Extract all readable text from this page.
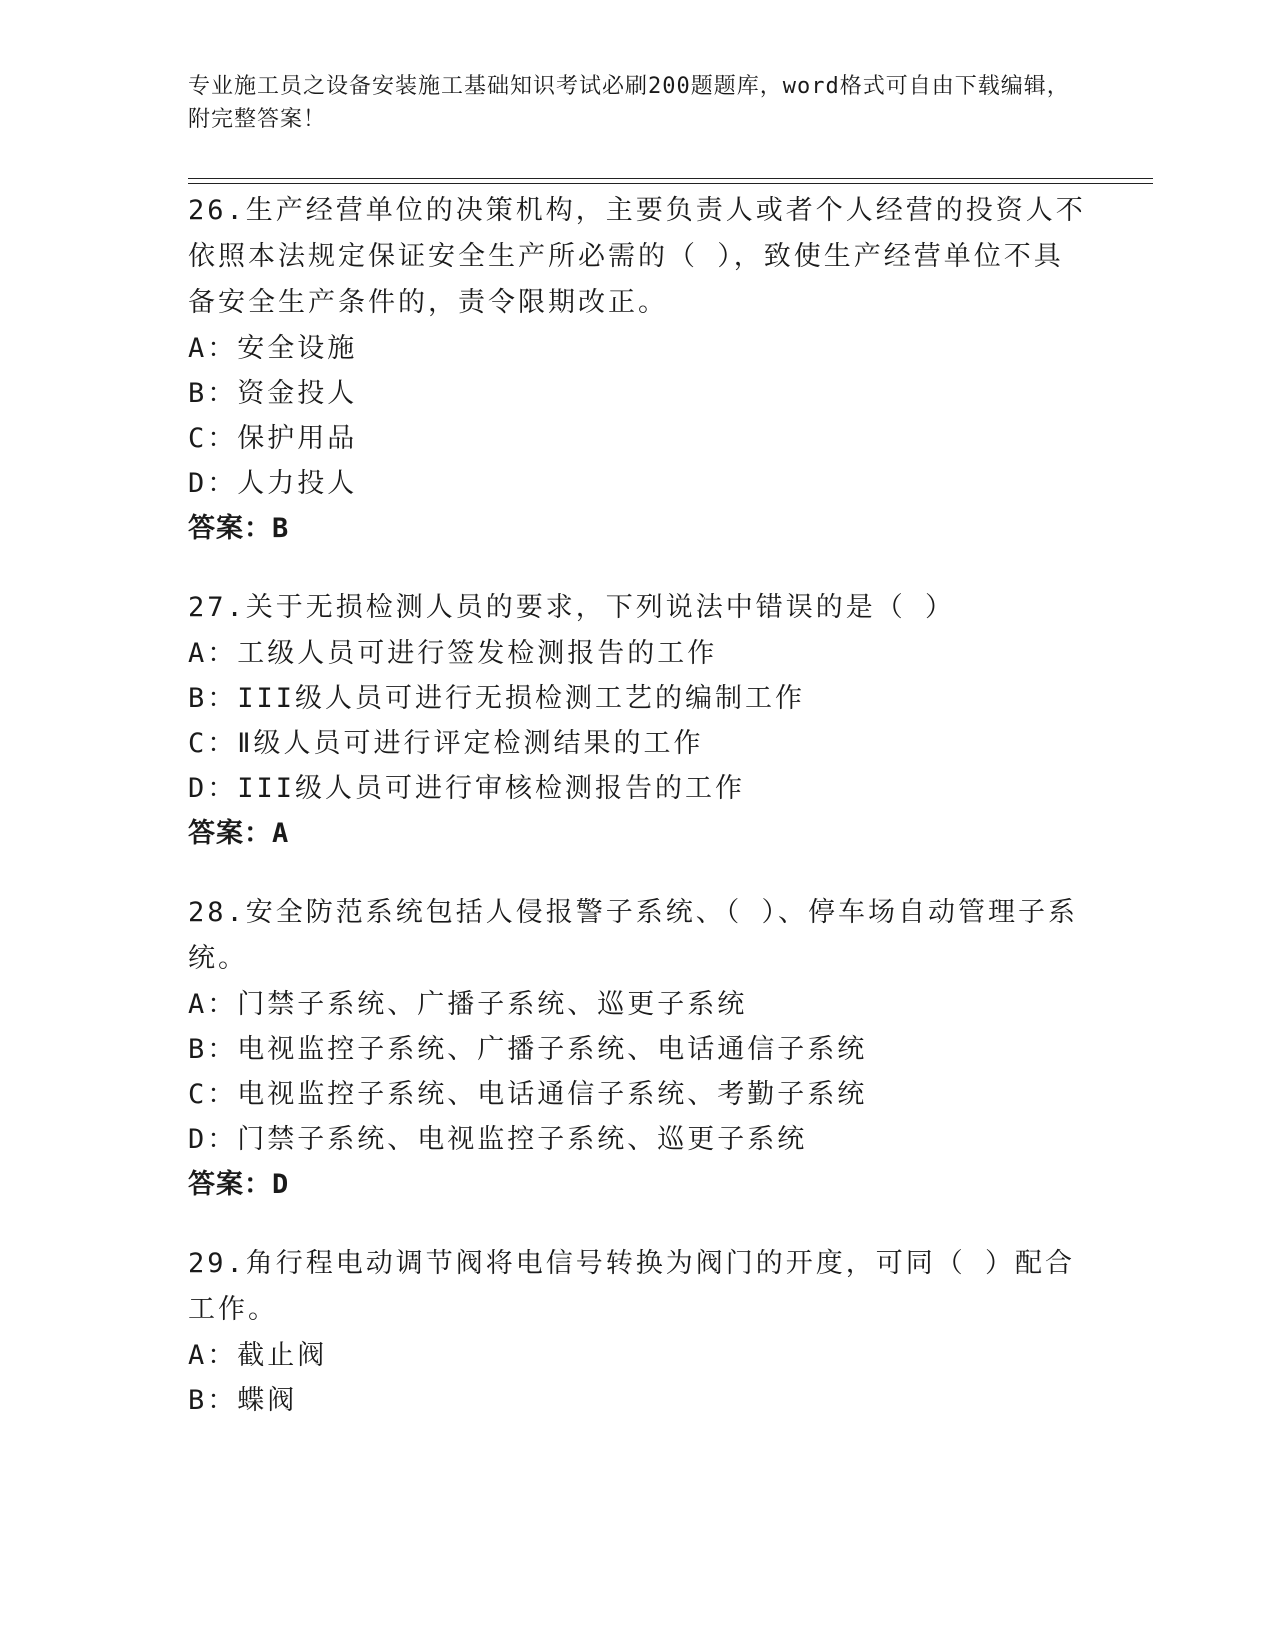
专业施工员之设备安装施工基础知识考试必刷200题题库，word格式可自由下载编辑，附完整答案！
26.生产经营单位的决策机构，主要负责人或者个人经营的投资人不依照本法规定保证安全生产所必需的（ ），致使生产经营单位不具备安全生产条件的，责令限期改正。
A：安全设施
B：资金投人
C：保护用品
D：人力投人
答案：B
27.关于无损检测人员的要求，下列说法中错误的是（ ）
A：工级人员可进行签发检测报告的工作
B：III级人员可进行无损检测工艺的编制工作
C：Ⅱ级人员可进行评定检测结果的工作
D：III级人员可进行审核检测报告的工作
答案：A
28.安全防范系统包括人侵报警子系统、（ ）、停车场自动管理子系统。
A：门禁子系统、广播子系统、巡更子系统
B：电视监控子系统、广播子系统、电话通信子系统
C：电视监控子系统、电话通信子系统、考勤子系统
D：门禁子系统、电视监控子系统、巡更子系统
答案：D
29.角行程电动调节阀将电信号转换为阀门的开度，可同（ ）配合工作。
A：截止阀
B：蝶阀
